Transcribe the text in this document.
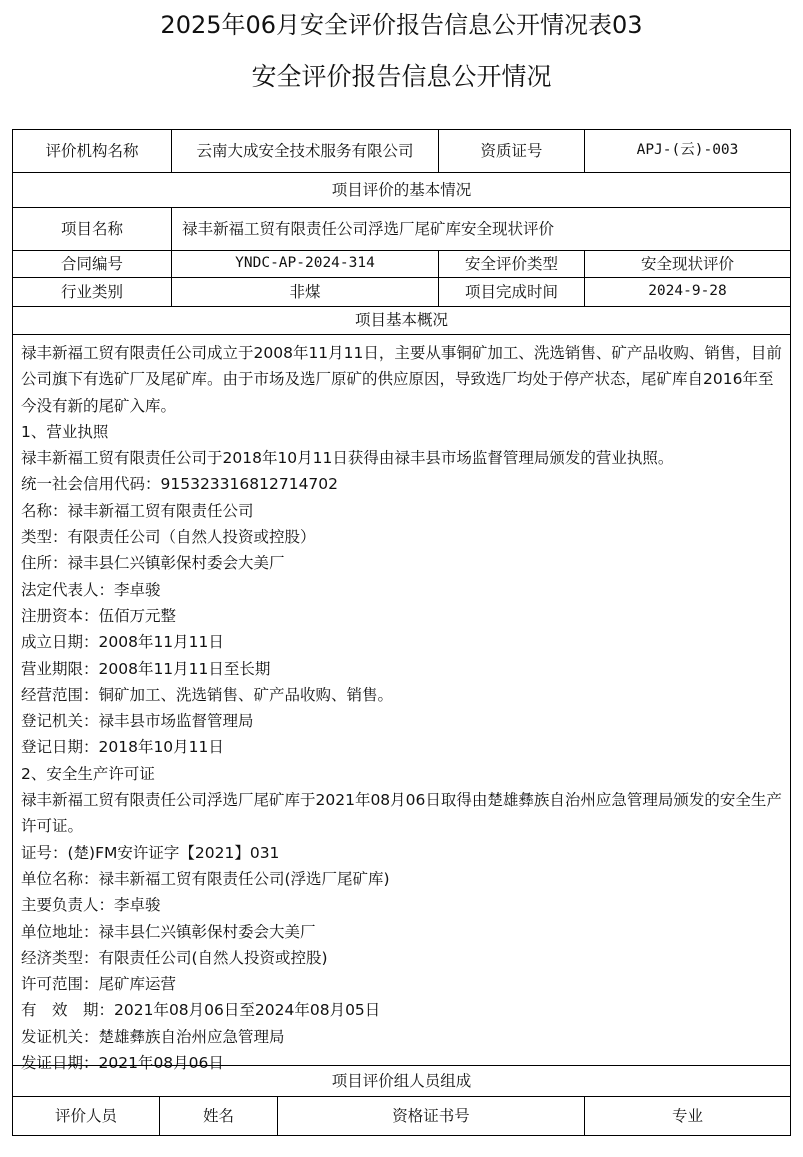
2025年06月安全评价报告信息公开情况表03
安全评价报告信息公开情况
评价机构名称	云南大成安全技术服务有限公司	资质证号	APJ-(云)-003
项目评价的基本情况
项目名称	禄丰新福工贸有限责任公司浮选厂尾矿库安全现状评价
合同编号	YNDC-AP-2024-314	安全评价类型	安全现状评价
行业类别	非煤	项目完成时间	2024-9-28
项目基本概况

禄丰新福工贸有限责任公司成立于2008年11月11日，主要从事铜矿加工、洗选销售、矿产品收购、销售，目前公司旗下有选矿厂及尾矿库。由于市场及选厂原矿的供应原因，导致选厂均处于停产状态，尾矿库自2016年至今没有新的尾矿入库。

1、营业执照

禄丰新福工贸有限责任公司于2018年10月11日获得由禄丰县市场监督管理局颁发的营业执照。

统一社会信用代码：915323316812714702

名称：禄丰新福工贸有限责任公司

类型：有限责任公司（自然人投资或控股）

住所：禄丰县仁兴镇彰保村委会大美厂

法定代表人：李卓骏

注册资本：伍佰万元整

成立日期：2008年11月11日

营业期限：2008年11月11日至长期

经营范围：铜矿加工、洗选销售、矿产品收购、销售。

登记机关：禄丰县市场监督管理局

登记日期：2018年10月11日

2、安全生产许可证

禄丰新福工贸有限责任公司浮选厂尾矿库于2021年08月06日取得由楚雄彝族自治州应急管理局颁发的安全生产许可证。

证号：(楚)FM安许证字【2021】031

单位名称：禄丰新福工贸有限责任公司(浮选厂尾矿库)

主要负责人：李卓骏

单位地址：禄丰县仁兴镇彰保村委会大美厂

经济类型：有限责任公司(自然人投资或控股)

许可范围：尾矿库运营

有　效　期：2021年08月06日至2024年08月05日

发证机关：楚雄彝族自治州应急管理局

发证日期：2021年08月06日

项目评价组人员组成
评价人员	姓名	资格证书号	专业
